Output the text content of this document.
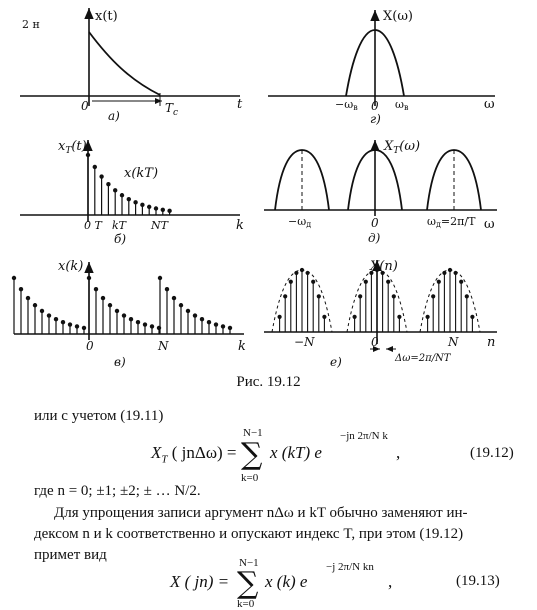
2 н
x(t)
0	$T_c$
t
а)
X(ω)
−ωв 0 ωв	ω
г)
$x_T(t)$
x(kT)
0 T kT NT	k
б)
$X_T(\omega)$
−ωд	0	ωд=2π/T ω
д)
x(k)
0	N	k
в)
X(n)
−N	0	N n
Δω=2π/NT
е)
Рис. 19.12
или с учетом (19.11)
$X_T$ ( jnΔω) =
N−1
∑
k=0
x (kT) e
−jn 2π/N k
,	(19.12)
где n = 0; ±1; ±2; ± … N/2.
Для упрощения записи аргумент nΔω и kT обычно заменяют ин-
дексом n и k соответственно и опускают индекс T, при этом (19.12)
примет вид
X ( jn) =
N−1
∑
k=0
x (k) e
−j 2π/N kn
,	(19.13)
